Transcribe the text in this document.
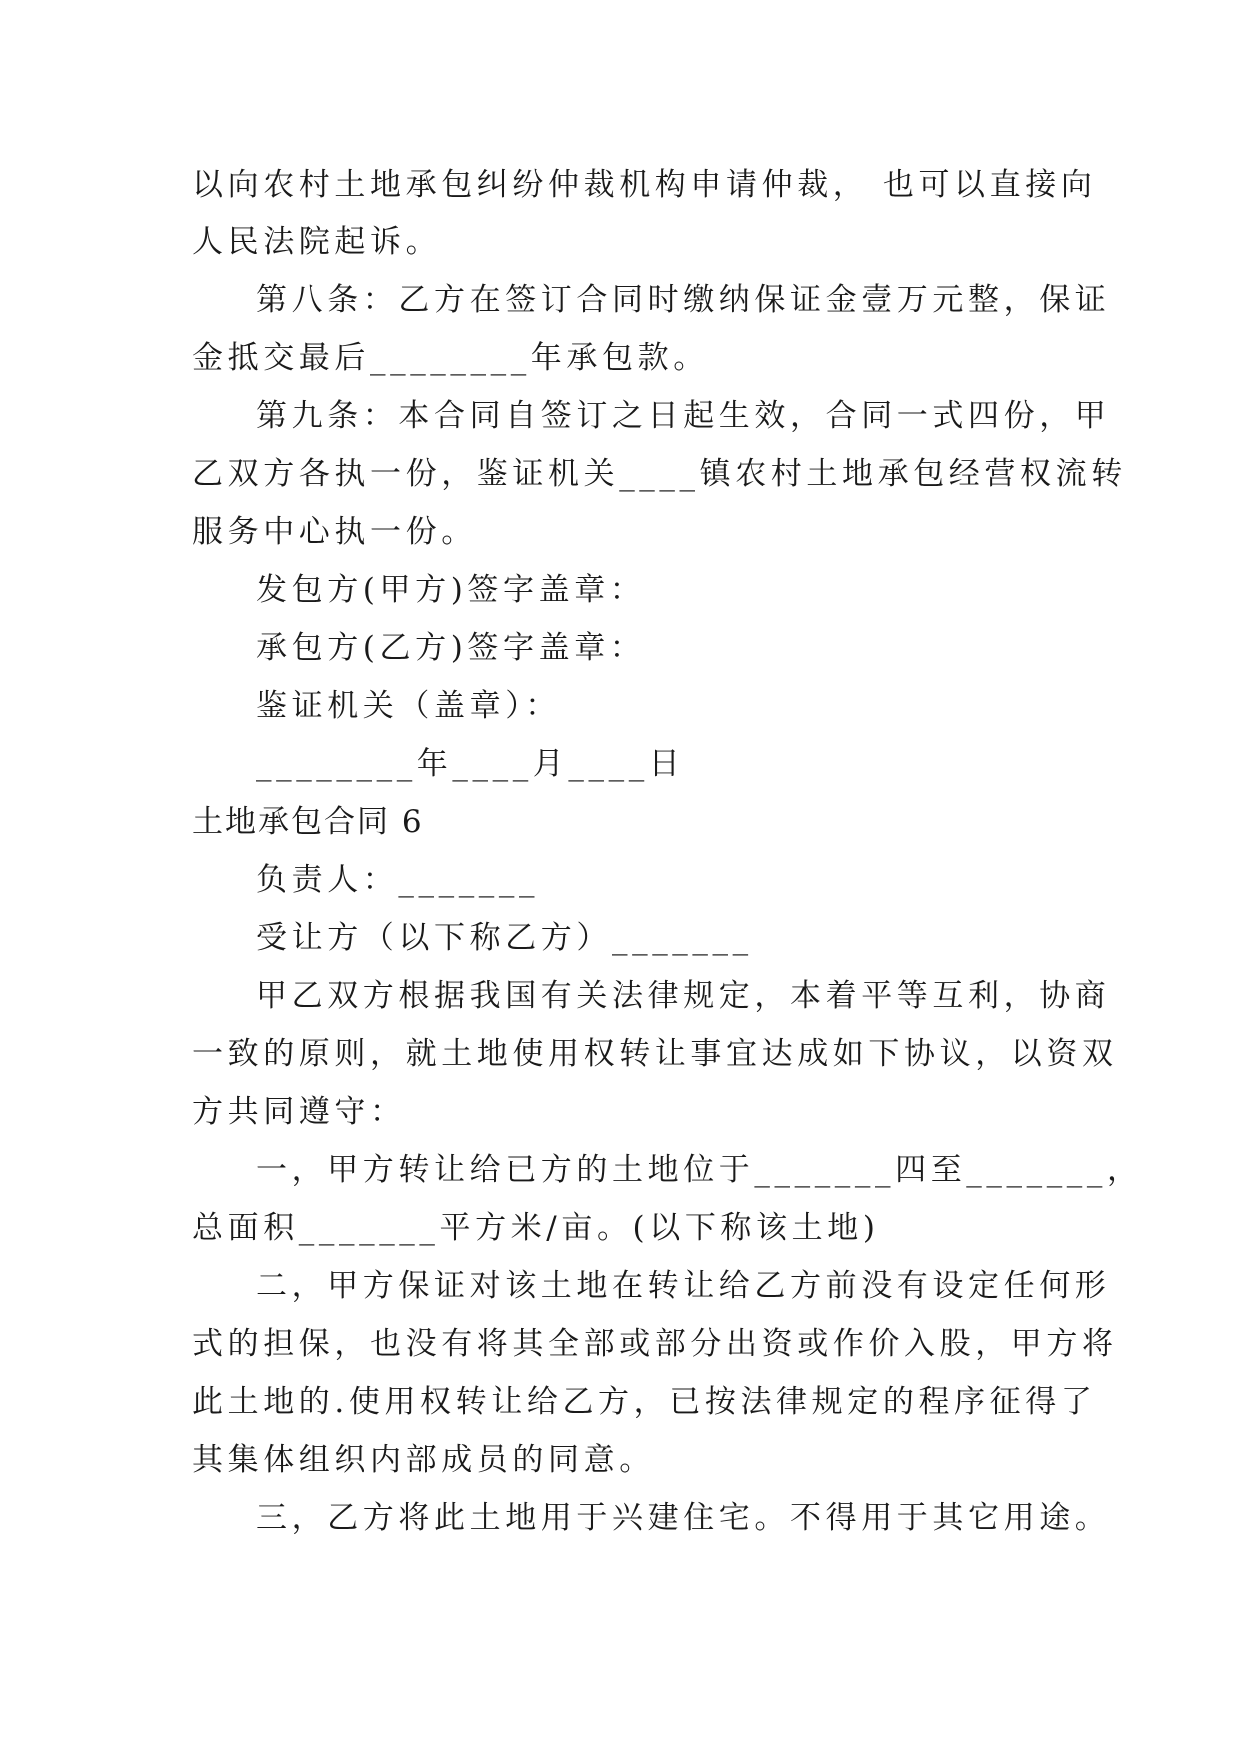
以向农村土地承包纠纷仲裁机构申请仲裁， 也可以直接向
人民法院起诉。
第八条：乙方在签订合同时缴纳保证金壹万元整，保证
金抵交最后________年承包款。
第九条：本合同自签订之日起生效，合同一式四份，甲
乙双方各执一份，鉴证机关____镇农村土地承包经营权流转
服务中心执一份。
发包方(甲方)签字盖章：
承包方(乙方)签字盖章：
鉴证机关（盖章）：
________年____月____日
土地承包合同 6
负责人：_______
受让方（以下称乙方）_______
甲乙双方根据我国有关法律规定，本着平等互利，协商
一致的原则，就土地使用权转让事宜达成如下协议，以资双
方共同遵守：
一，甲方转让给已方的土地位于_______四至_______，
总面积_______平方米/亩。(以下称该土地)
二，甲方保证对该土地在转让给乙方前没有设定任何形
式的担保，也没有将其全部或部分出资或作价入股，甲方将
此土地的.使用权转让给乙方，已按法律规定的程序征得了
其集体组织内部成员的同意。
三，乙方将此土地用于兴建住宅。不得用于其它用途。
